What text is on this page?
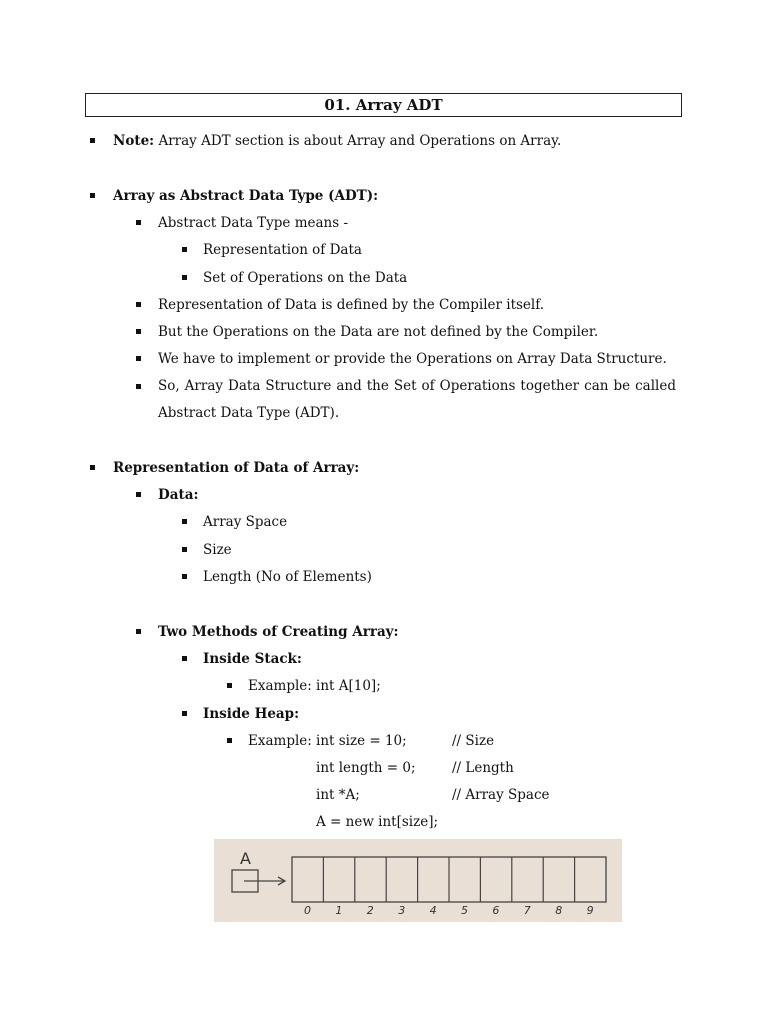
01. Array ADT
Note: Array ADT section is about Array and Operations on Array.
Array as Abstract Data Type (ADT):
Abstract Data Type means -
Representation of Data
Set of Operations on the Data
Representation of Data is defined by the Compiler itself.
But the Operations on the Data are not defined by the Compiler.
We have to implement or provide the Operations on Array Data Structure.
So, Array Data Structure and the Set of Operations together can be called
Abstract Data Type (ADT).
Representation of Data of Array:
Data:
Array Space
Size
Length (No of Elements)
Two Methods of Creating Array:
Inside Stack:
Example: int A[10];
Inside Heap:
Example: int size = 10;	// Size
int length = 0;	// Length
int *A;	// Array Space
A = new int[size];
A
0 1 2 3 4 5 6 7 8 9
